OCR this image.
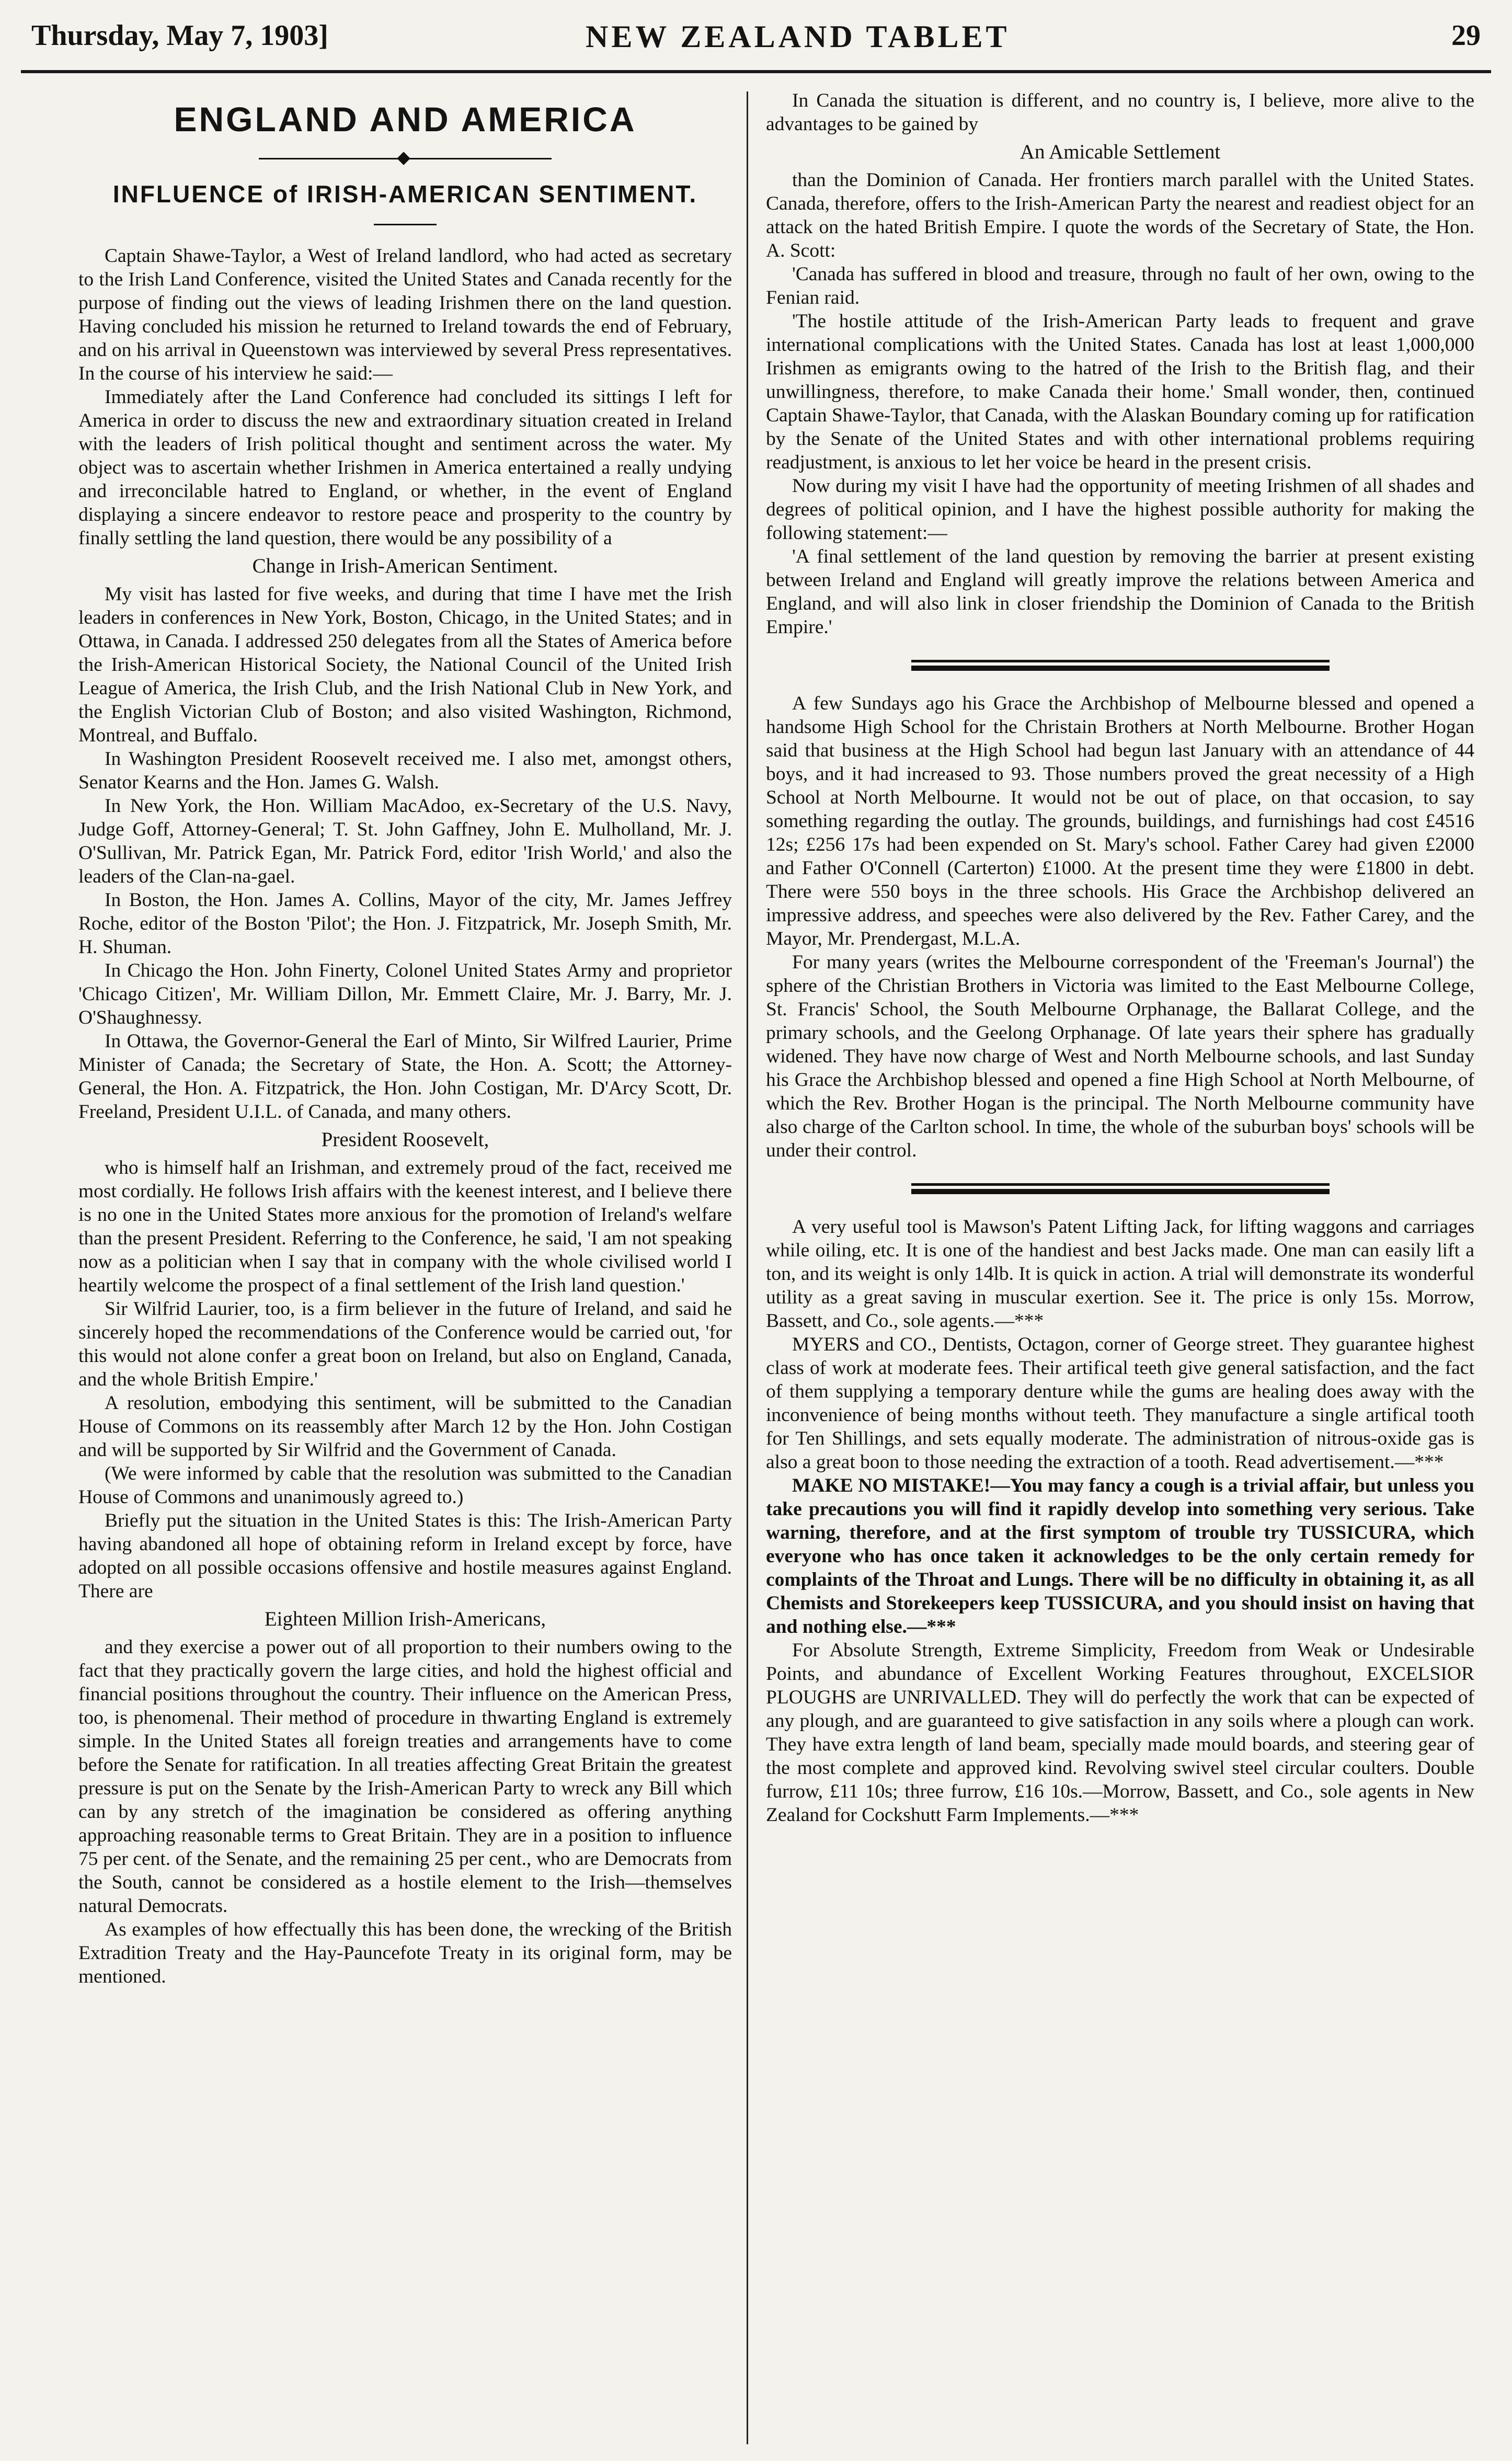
Thursday, May 7, 1903]	NEW ZEALAND TABLET	29
ENGLAND AND AMERICA
INFLUENCE of IRISH-AMERICAN SENTIMENT.

Captain Shawe-Taylor, a West of Ireland landlord, who had acted as secretary to the Irish Land Conference, visited the United States and Canada recently for the purpose of finding out the views of leading Irishmen there on the land question. Having concluded his mission he returned to Ireland towards the end of February, and on his arrival in Queenstown was interviewed by several Press representatives. In the course of his interview he said:—

Immediately after the Land Conference had concluded its sittings I left for America in order to discuss the new and extraordinary situation created in Ireland with the leaders of Irish political thought and sentiment across the water. My object was to ascertain whether Irishmen in America entertained a really undying and irreconcilable hatred to England, or whether, in the event of England displaying a sincere endeavor to restore peace and prosperity to the country by finally settling the land question, there would be any possibility of a

Change in Irish-American Sentiment.

My visit has lasted for five weeks, and during that time I have met the Irish leaders in conferences in New York, Boston, Chicago, in the United States; and in Ottawa, in Canada. I addressed 250 delegates from all the States of America before the Irish-American Historical Society, the National Council of the United Irish League of America, the Irish Club, and the Irish National Club in New York, and the English Victorian Club of Boston; and also visited Washington, Richmond, Montreal, and Buffalo.

In Washington President Roosevelt received me. I also met, amongst others, Senator Kearns and the Hon. James G. Walsh.

In New York, the Hon. William MacAdoo, ex-Secretary of the U.S. Navy, Judge Goff, Attorney-General; T. St. John Gaffney, John E. Mulholland, Mr. J. O'Sullivan, Mr. Patrick Egan, Mr. Patrick Ford, editor 'Irish World,' and also the leaders of the Clan-na-gael.

In Boston, the Hon. James A. Collins, Mayor of the city, Mr. James Jeffrey Roche, editor of the Boston 'Pilot'; the Hon. J. Fitzpatrick, Mr. Joseph Smith, Mr. H. Shuman.

In Chicago the Hon. John Finerty, Colonel United States Army and proprietor 'Chicago Citizen', Mr. William Dillon, Mr. Emmett Claire, Mr. J. Barry, Mr. J. O'Shaughnessy.

In Ottawa, the Governor-General the Earl of Minto, Sir Wilfred Laurier, Prime Minister of Canada; the Secretary of State, the Hon. A. Scott; the Attorney-General, the Hon. A. Fitzpatrick, the Hon. John Costigan, Mr. D'Arcy Scott, Dr. Freeland, President U.I.L. of Canada, and many others.

President Roosevelt,

who is himself half an Irishman, and extremely proud of the fact, received me most cordially. He follows Irish affairs with the keenest interest, and I believe there is no one in the United States more anxious for the promotion of Ireland's welfare than the present President. Referring to the Conference, he said, 'I am not speaking now as a politician when I say that in company with the whole civilised world I heartily welcome the prospect of a final settlement of the Irish land question.'

Sir Wilfrid Laurier, too, is a firm believer in the future of Ireland, and said he sincerely hoped the recommendations of the Conference would be carried out, 'for this would not alone confer a great boon on Ireland, but also on England, Canada, and the whole British Empire.'

A resolution, embodying this sentiment, will be submitted to the Canadian House of Commons on its reassembly after March 12 by the Hon. John Costigan and will be supported by Sir Wilfrid and the Government of Canada.

(We were informed by cable that the resolution was submitted to the Canadian House of Commons and unanimously agreed to.)

Briefly put the situation in the United States is this: The Irish-American Party having abandoned all hope of obtaining reform in Ireland except by force, have adopted on all possible occasions offensive and hostile measures against England. There are

Eighteen Million Irish-Americans,

and they exercise a power out of all proportion to their numbers owing to the fact that they practically govern the large cities, and hold the highest official and financial positions throughout the country. Their influence on the American Press, too, is phenomenal. Their method of procedure in thwarting England is extremely simple. In the United States all foreign treaties and arrangements have to come before the Senate for ratification. In all treaties affecting Great Britain the greatest pressure is put on the Senate by the Irish-American Party to wreck any Bill which can by any stretch of the imagination be considered as offering anything approaching reasonable terms to Great Britain. They are in a position to influence 75 per cent. of the Senate, and the remaining 25 per cent., who are Democrats from the South, cannot be considered as a hostile element to the Irish—themselves natural Democrats.

As examples of how effectually this has been done, the wrecking of the British Extradition Treaty and the Hay-Pauncefote Treaty in its original form, may be mentioned.

In Canada the situation is different, and no country is, I believe, more alive to the advantages to be gained by

An Amicable Settlement

than the Dominion of Canada. Her frontiers march parallel with the United States. Canada, therefore, offers to the Irish-American Party the nearest and readiest object for an attack on the hated British Empire. I quote the words of the Secretary of State, the Hon. A. Scott:

'Canada has suffered in blood and treasure, through no fault of her own, owing to the Fenian raid.

'The hostile attitude of the Irish-American Party leads to frequent and grave international complications with the United States. Canada has lost at least 1,000,000 Irishmen as emigrants owing to the hatred of the Irish to the British flag, and their unwillingness, therefore, to make Canada their home.' Small wonder, then, continued Captain Shawe-Taylor, that Canada, with the Alaskan Boundary coming up for ratification by the Senate of the United States and with other international problems requiring readjustment, is anxious to let her voice be heard in the present crisis.

Now during my visit I have had the opportunity of meeting Irishmen of all shades and degrees of political opinion, and I have the highest possible authority for making the following statement:—

'A final settlement of the land question by removing the barrier at present existing between Ireland and England will greatly improve the relations between America and England, and will also link in closer friendship the Dominion of Canada to the British Empire.'

A few Sundays ago his Grace the Archbishop of Melbourne blessed and opened a handsome High School for the Christain Brothers at North Melbourne. Brother Hogan said that business at the High School had begun last January with an attendance of 44 boys, and it had increased to 93. Those numbers proved the great necessity of a High School at North Melbourne. It would not be out of place, on that occasion, to say something regarding the outlay. The grounds, buildings, and furnishings had cost £4516 12s; £256 17s had been expended on St. Mary's school. Father Carey had given £2000 and Father O'Connell (Carterton) £1000. At the present time they were £1800 in debt. There were 550 boys in the three schools. His Grace the Archbishop delivered an impressive address, and speeches were also delivered by the Rev. Father Carey, and the Mayor, Mr. Prendergast, M.L.A.

For many years (writes the Melbourne correspondent of the 'Freeman's Journal') the sphere of the Christian Brothers in Victoria was limited to the East Melbourne College, St. Francis' School, the South Melbourne Orphanage, the Ballarat College, and the primary schools, and the Geelong Orphanage. Of late years their sphere has gradually widened. They have now charge of West and North Melbourne schools, and last Sunday his Grace the Archbishop blessed and opened a fine High School at North Melbourne, of which the Rev. Brother Hogan is the principal. The North Melbourne community have also charge of the Carlton school. In time, the whole of the suburban boys' schools will be under their control.

A very useful tool is Mawson's Patent Lifting Jack, for lifting waggons and carriages while oiling, etc. It is one of the handiest and best Jacks made. One man can easily lift a ton, and its weight is only 14lb. It is quick in action. A trial will demonstrate its wonderful utility as a great saving in muscular exertion. See it. The price is only 15s. Morrow, Bassett, and Co., sole agents.—***

MYERS and CO., Dentists, Octagon, corner of George street. They guarantee highest class of work at moderate fees. Their artifical teeth give general satisfaction, and the fact of them supplying a temporary denture while the gums are healing does away with the inconvenience of being months without teeth. They manufacture a single artifical tooth for Ten Shillings, and sets equally moderate. The administration of nitrous-oxide gas is also a great boon to those needing the extraction of a tooth. Read advertisement.—***

MAKE NO MISTAKE!—You may fancy a cough is a trivial affair, but unless you take precautions you will find it rapidly develop into something very serious. Take warning, therefore, and at the first symptom of trouble try TUSSICURA, which everyone who has once taken it acknowledges to be the only certain remedy for complaints of the Throat and Lungs. There will be no difficulty in obtaining it, as all Chemists and Storekeepers keep TUSSICURA, and you should insist on having that and nothing else.—***

For Absolute Strength, Extreme Simplicity, Freedom from Weak or Undesirable Points, and abundance of Excellent Working Features throughout, EXCELSIOR PLOUGHS are UNRIVALLED. They will do perfectly the work that can be expected of any plough, and are guaranteed to give satisfaction in any soils where a plough can work. They have extra length of land beam, specially made mould boards, and steering gear of the most complete and approved kind. Revolving swivel steel circular coulters. Double furrow, £11 10s; three furrow, £16 10s.—Morrow, Bassett, and Co., sole agents in New Zealand for Cockshutt Farm Implements.—***
